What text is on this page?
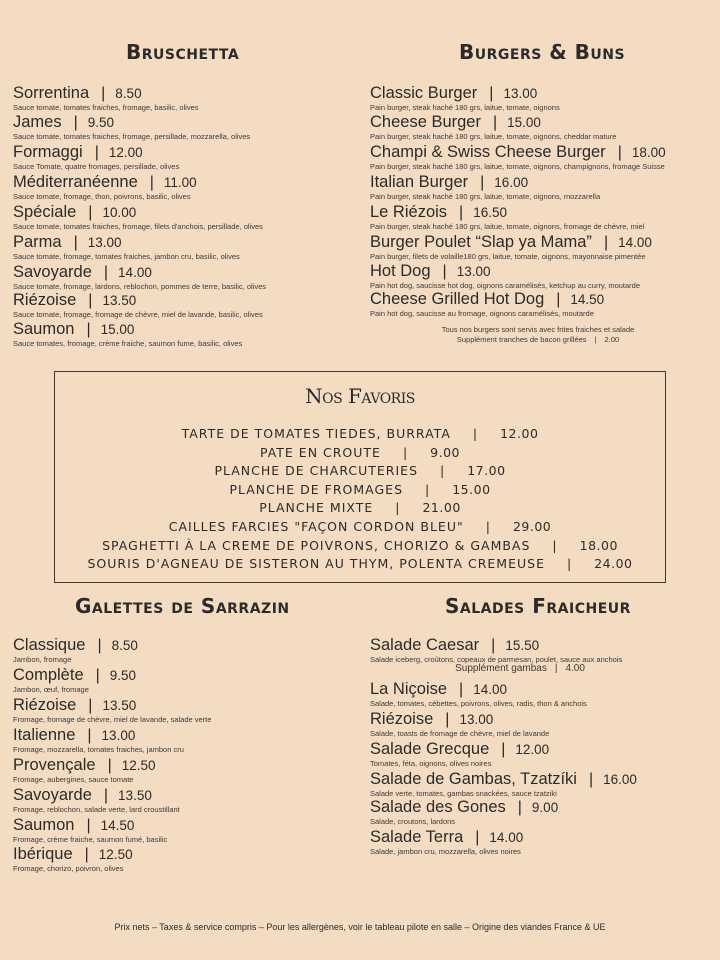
Bruschetta	Burgers & Buns
Sorrentina | 8.50
Sauce tomate, tomates fraiches, fromage, basilic, olives
James | 9.50
Sauce tomate, tomates fraiches, fromage, persillade, mozzarella, olives
Formaggi | 12.00
Sauce Tomate, quatre fromages, persillade, olives
Méditerranéenne | 11.00
Sauce tomate, fromage, thon, poivrons, basilic, olives
Spéciale | 10.00
Sauce tomate, tomates fraiches, fromage, filets d'anchois, persillade, olives
Parma | 13.00
Sauce tomate, fromage, tomates fraiches, jambon cru, basilic, olives
Savoyarde | 14.00
Sauce tomate, fromage, lardons, reblochon, pommes de terre, basilic, olives
Riézoise | 13.50
Sauce tomate, fromage, fromage de chèvre, miel de lavande, basilic, olives
Saumon | 15.00
Sauce tomates, fromage, crème fraiche, saumon fume, basilic, olives
Classic Burger | 13.00
Pain burger, steak haché 180 grs, laitue, tomate, oignons
Cheese Burger | 15.00
Pain burger, steak haché 180 grs, laitue, tomate, oignons, cheddar mature
Champi & Swiss Cheese Burger | 18.00
Pain burger, steak haché 180 grs, laitue, tomate, oignons, champignons, fromage Suisse
Italian Burger | 16.00
Pain burger, steak haché 180 grs, laitue, tomate, oignons, mozzarella
Le Riézois | 16.50
Pain burger, steak haché 180 grs, laitue, tomate, oignons, fromage de chèvre, miel
Burger Poulet “Slap ya Mama” | 14.00
Pain burger, filets de volaille180 grs, laitue, tomate, oignons, mayonnaise pimentée
Hot Dog | 13.00
Pain hot dog, saucisse hot dog, oignons caramélisés, ketchup au curry, moutarde
Cheese Grilled Hot Dog | 14.50
Pain hot dog, saucisse au fromage, oignons caramélisés, moutarde
Tous nos burgers sont servis avec frites fraiches et salade
Supplément tranches de bacon grillées | 2.00
Nos Favoris
TARTE DE TOMATES TIEDES, BURRATA | 12.00
PATE EN CROUTE | 9.00
PLANCHE DE CHARCUTERIES | 17.00
PLANCHE DE FROMAGES | 15.00
PLANCHE MIXTE | 21.00
CAILLES FARCIES "FAÇON CORDON BLEU" | 29.00
SPAGHETTI À LA CREME DE POIVRONS, CHORIZO & GAMBAS | 18.00
SOURIS D'AGNEAU DE SISTERON AU THYM, POLENTA CREMEUSE | 24.00
Galettes de Sarrazin	Salades Fraicheur
Classique | 8.50
Jambon, fromage
Complète | 9.50
Jambon, œuf, fromage
Riézoise | 13.50
Fromage, fromage de chèvre, miel de lavande, salade verte
Italienne | 13.00
Fromage, mozzarella, tomates fraiches, jambon cru
Provençale | 12.50
Fromage, aubergines, sauce tomate
Savoyarde | 13.50
Fromage, reblochon, salade verte, lard croustillant
Saumon | 14.50
Fromage, crème fraiche, saumon fumé, basilic
Ibérique | 12.50
Fromage, chorizo, poivron, olives
Salade Caesar | 15.50
Salade iceberg, croûtons, copeaux de parmesan, poulet, sauce aux anchois
Supplément gambas | 4.00
La Niçoise | 14.00
Salade, tomates, cébettes, poivrons, olives, radis, thon & anchois
Riézoise | 13.00
Salade, toasts de fromage de chèvre, miel de lavande
Salade Grecque | 12.00
Tomates, féta, oignons, olives noires
Salade de Gambas, Tzatzíki | 16.00
Salade verte, tomates, gambas snackées, sauce tzatziki
Salade des Gones | 9.00
Salade, croutons, lardons
Salade Terra | 14.00
Salade, jambon cru, mozzarella, olives noires
Prix nets – Taxes & service compris – Pour les allergènes, voir le tableau pilote en salle – Origine des viandes France & UE
